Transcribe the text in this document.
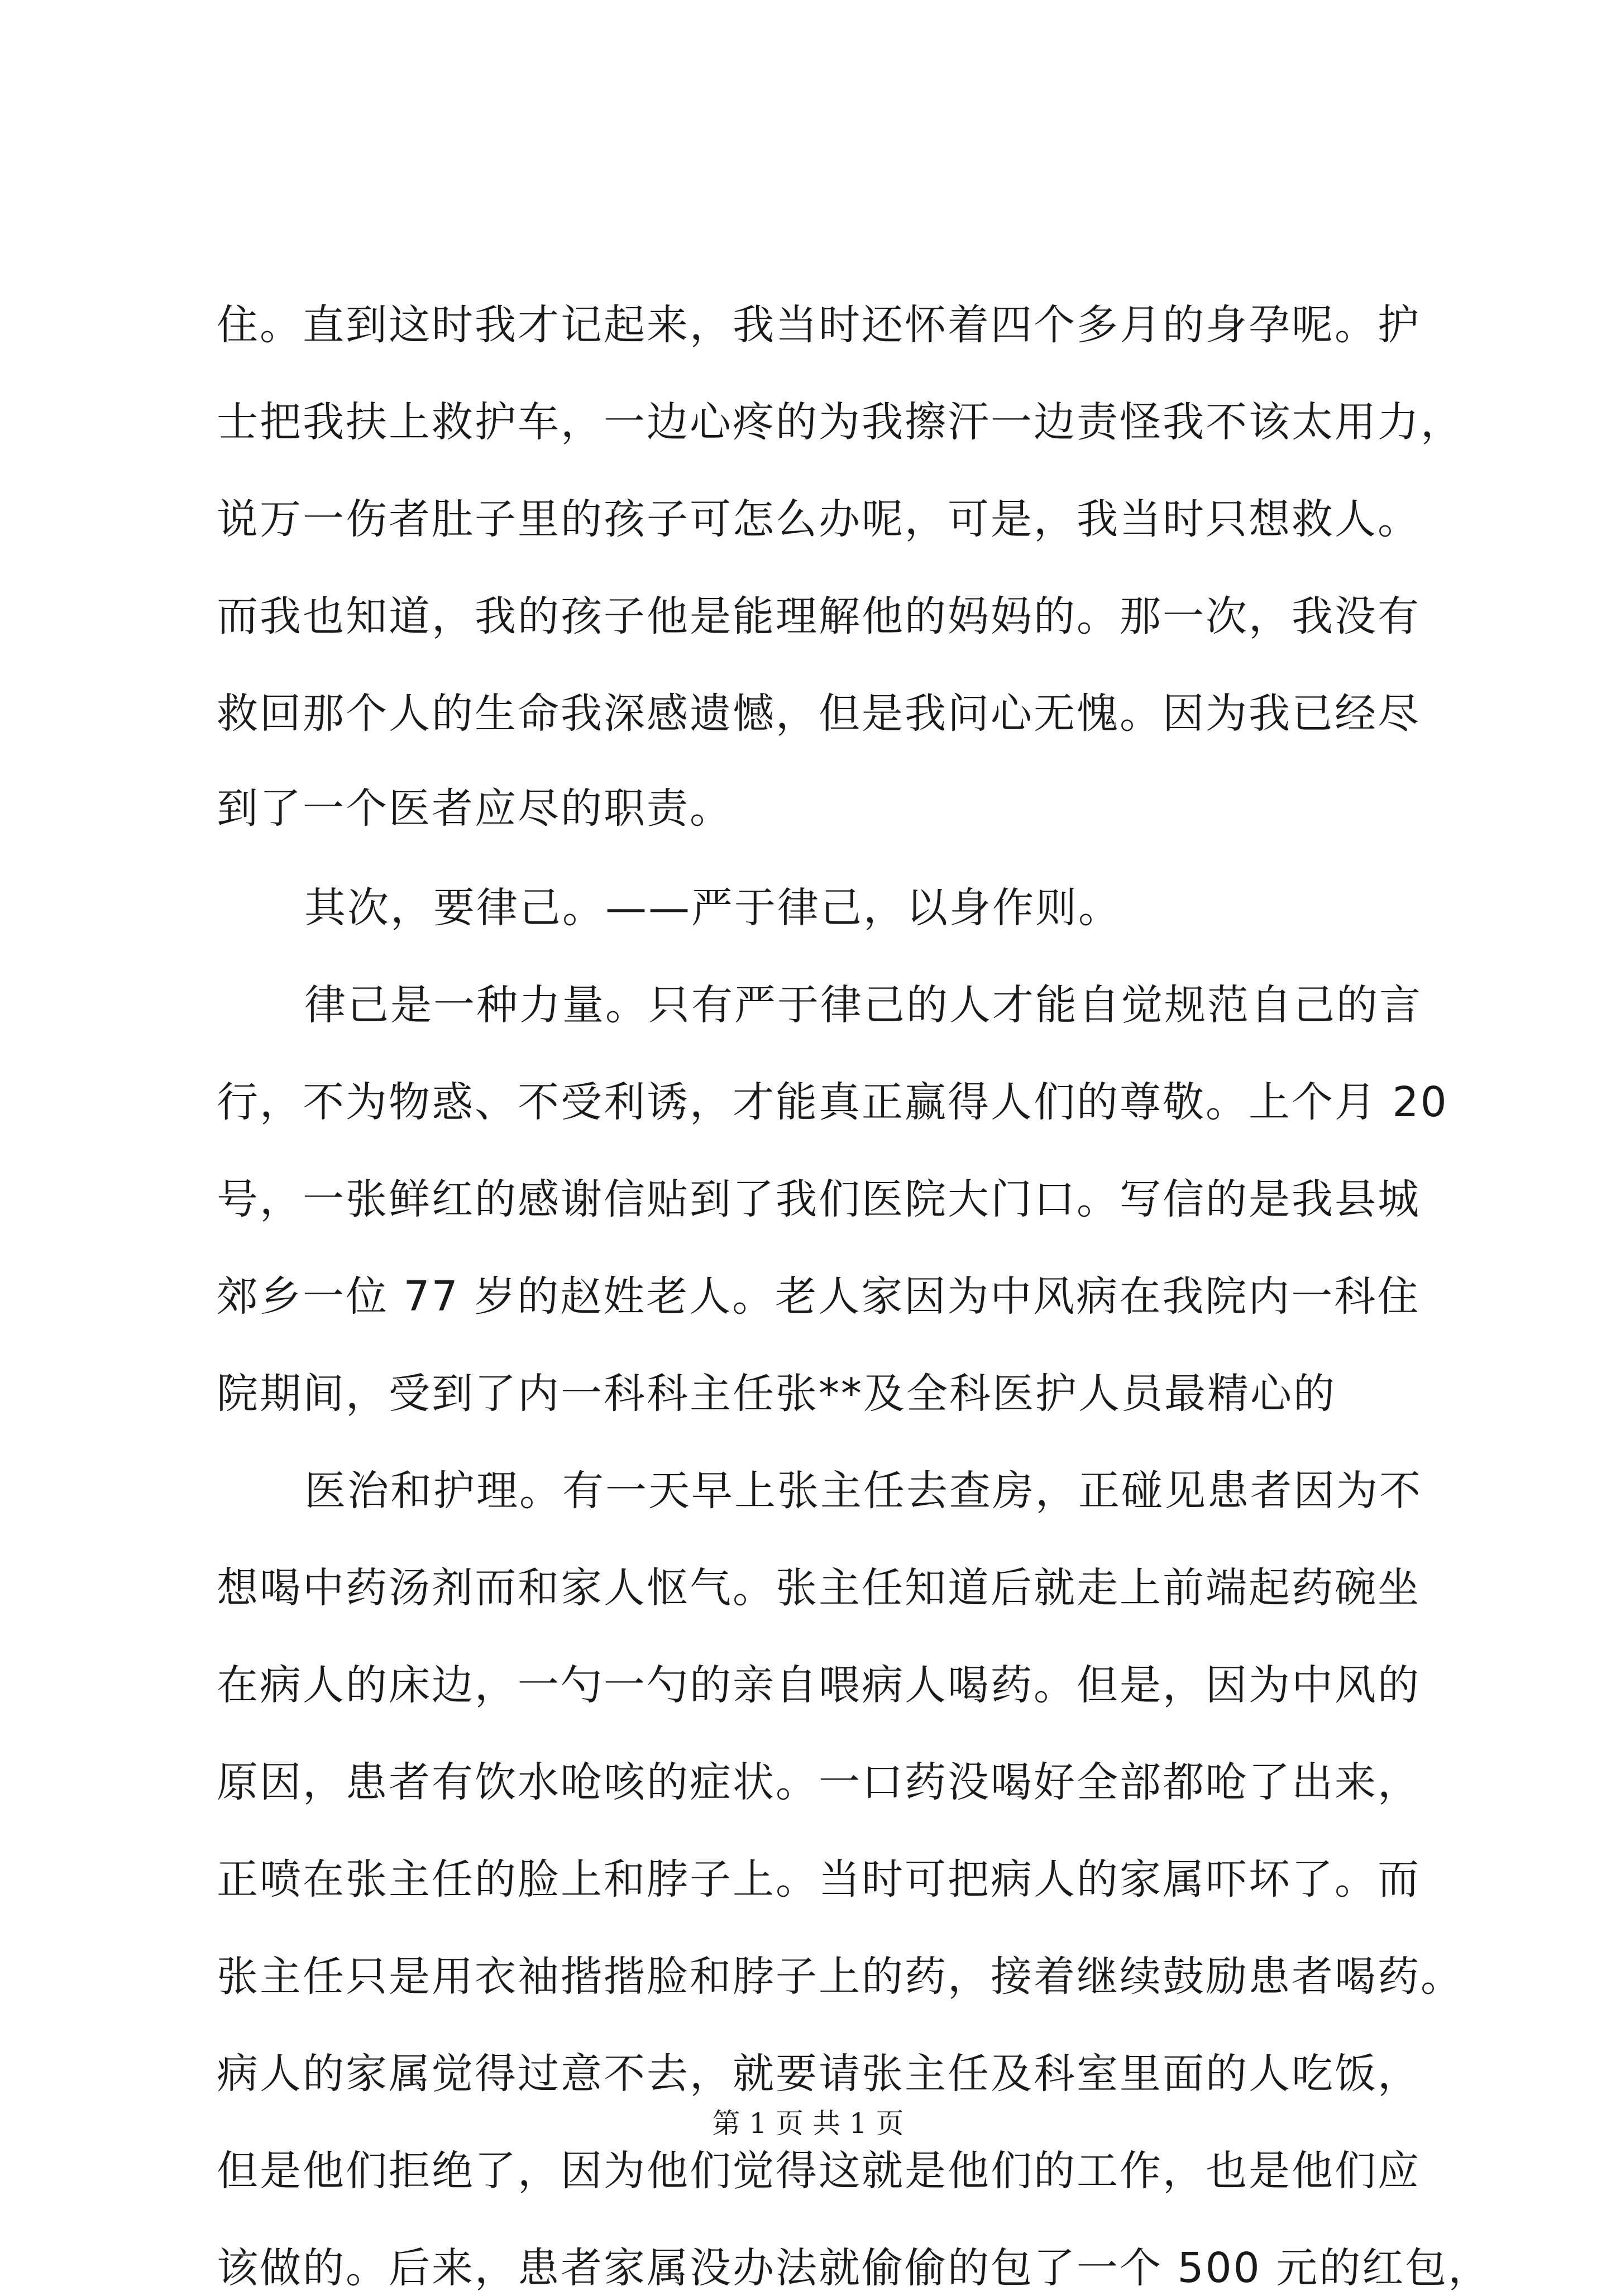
住。直到这时我才记起来，我当时还怀着四个多月的身孕呢。护
士把我扶上救护车，一边心疼的为我擦汗一边责怪我不该太用力，
说万一伤者肚子里的孩子可怎么办呢，可是，我当时只想救人。
而我也知道，我的孩子他是能理解他的妈妈的。那一次，我没有
救回那个人的生命我深感遗憾，但是我问心无愧。因为我已经尽
到了一个医者应尽的职责。
其次，要律己。——严于律己，以身作则。
律己是一种力量。只有严于律己的人才能自觉规范自己的言
行，不为物惑、不受利诱，才能真正赢得人们的尊敬。上个月 20
号，一张鲜红的感谢信贴到了我们医院大门口。写信的是我县城
郊乡一位 77 岁的赵姓老人。老人家因为中风病在我院内一科住
院期间，受到了内一科科主任张**及全科医护人员最精心的
医治和护理。有一天早上张主任去查房，正碰见患者因为不
想喝中药汤剂而和家人怄气。张主任知道后就走上前端起药碗坐
在病人的床边，一勺一勺的亲自喂病人喝药。但是，因为中风的
原因，患者有饮水呛咳的症状。一口药没喝好全部都呛了出来，
正喷在张主任的脸上和脖子上。当时可把病人的家属吓坏了。而
张主任只是用衣袖揩揩脸和脖子上的药，接着继续鼓励患者喝药。
病人的家属觉得过意不去，就要请张主任及科室里面的人吃饭，
但是他们拒绝了，因为他们觉得这就是他们的工作，也是他们应
该做的。后来，患者家属没办法就偷偷的包了一个 500 元的红包，
第 1 页 共 1 页
